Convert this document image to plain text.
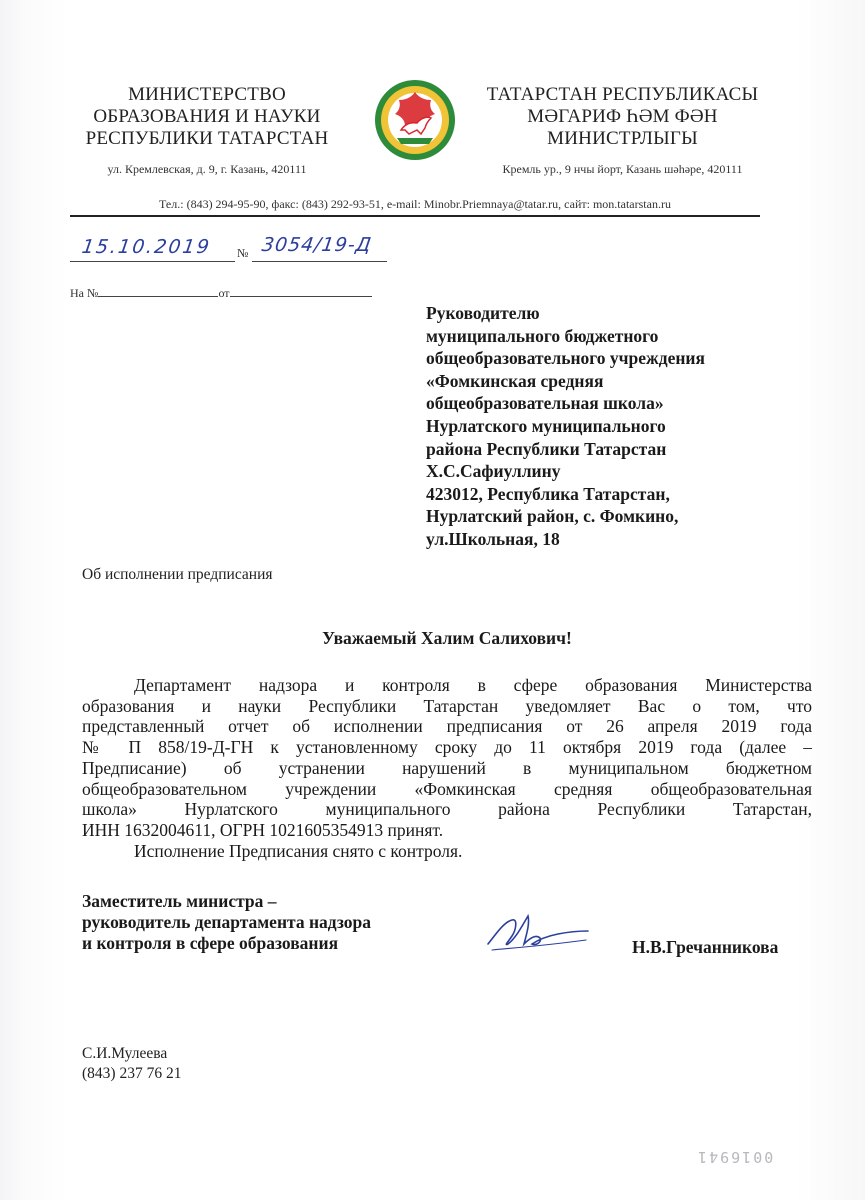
МИНИСТЕРСТВО
ОБРАЗОВАНИЯ И НАУКИ
РЕСПУБЛИКИ ТАТАРСТАН
ТАТАРСТАН РЕСПУБЛИКАСЫ
МӘГАРИФ ҺӘМ ФӘН
МИНИСТРЛЫГЫ
ул. Кремлевская, д. 9, г. Казань, 420111	Кремль ур., 9 нчы йорт, Казань шәһәре, 420111
Тел.: (843) 294-95-90, факс: (843) 292-93-51, e-mail: Minobr.Priemnaya@tatar.ru, сайт: mon.tatarstan.ru
15.10.2019 № 3054/19-Д
На №	от
Руководителю
муниципального бюджетного
общеобразовательного учреждения
«Фомкинская средняя
общеобразовательная школа»
Нурлатского муниципального
района Республики Татарстан
Х.С.Сафиуллину
423012, Республика Татарстан,
Нурлатский район, с. Фомкино,
ул.Школьная, 18
Об исполнении предписания
Уважаемый Халим Салихович!

Департамент надзора и контроля в сфере образования Министерства

образования и науки Республики Татарстан уведомляет Вас о том, что

представленный отчет об исполнении предписания от 26 апреля 2019 года

№ П 858/19-Д-ГН к установленному сроку до 11 октября 2019 года (далее –

Предписание) об устранении нарушений в муниципальном бюджетном

общеобразовательном учреждении «Фомкинская средняя общеобразовательная

школа» Нурлатского муниципального района Республики Татарстан,

ИНН 1632004611, ОГРН 1021605354913 принят.

Исполнение Предписания снято с контроля.

Заместитель министра –
руководитель департамента надзора
и контроля в сфере образования	Н.В.Гречанникова
С.И.Мулеева
(843) 237 76 21
0016941
